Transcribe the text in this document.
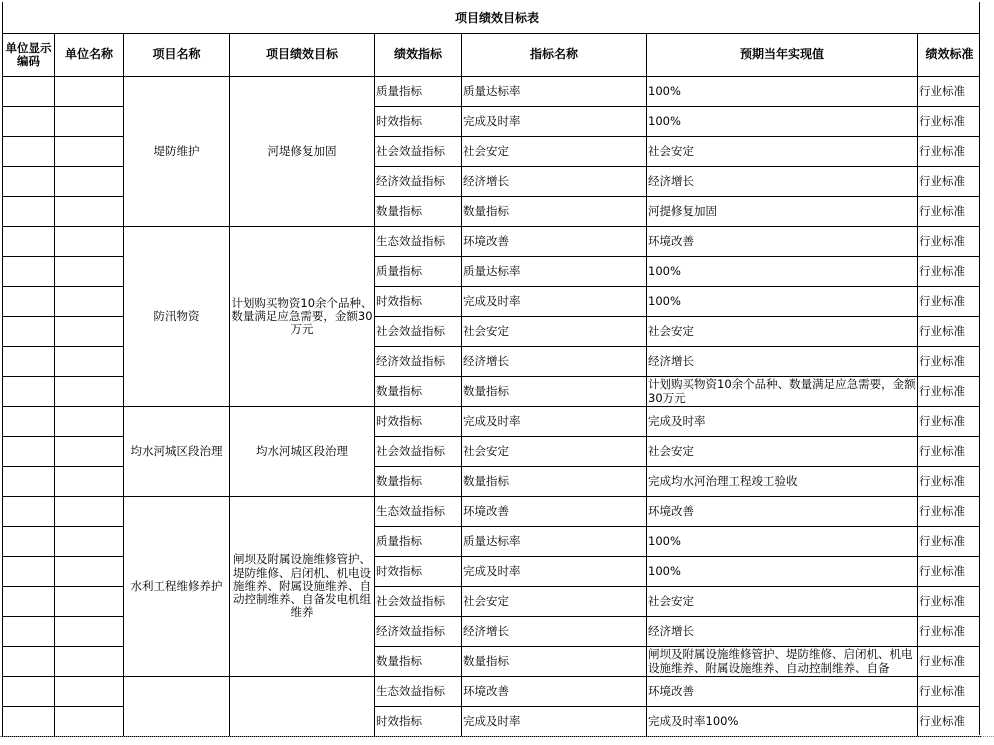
项目绩效目标表
单位显示编码	单位名称	项目名称	项目绩效目标	绩效指标	指标名称	预期当年实现值	绩效标准
		堤防维护	河堤修复加固	质量指标	质量达标率	100%	行业标准
				时效指标	完成及时率	100%	行业标准
				社会效益指标	社会安定	社会安定	行业标准
				经济效益指标	经济增长	经济增长	行业标准
				数量指标	数量指标	河提修复加固	行业标准
		防汛物资	计划购买物资10余个品种、数量满足应急需要，金额30万元	生态效益指标	环境改善	环境改善	行业标准
				质量指标	质量达标率	100%	行业标准
				时效指标	完成及时率	100%	行业标准
				社会效益指标	社会安定	社会安定	行业标准
				经济效益指标	经济增长	经济增长	行业标准
				数量指标	数量指标	计划购买物资10余个品种、数量满足应急需要，金额30万元	行业标准
		均水河城区段治理	均水河城区段治理	时效指标	完成及时率	完成及时率	行业标准
				社会效益指标	社会安定	社会安定	行业标准
				数量指标	数量指标	完成均水河治理工程竣工验收	行业标准
		水利工程维修养护	闸坝及附属设施维修管护、堤防维修、启闭机、机电设施维养、附属设施维养、自动控制维养、自备发电机组维养	生态效益指标	环境改善	环境改善	行业标准
				质量指标	质量达标率	100%	行业标准
				时效指标	完成及时率	100%	行业标准
				社会效益指标	社会安定	社会安定	行业标准
				经济效益指标	经济增长	经济增长	行业标准
				数量指标	数量指标	闸坝及附属设施维修管护、堤防维修、启闭机、机电设施维养、附属设施维养、自动控制维养、自备	行业标准
				生态效益指标	环境改善	环境改善	行业标准
				时效指标	完成及时率	完成及时率100%	行业标准
